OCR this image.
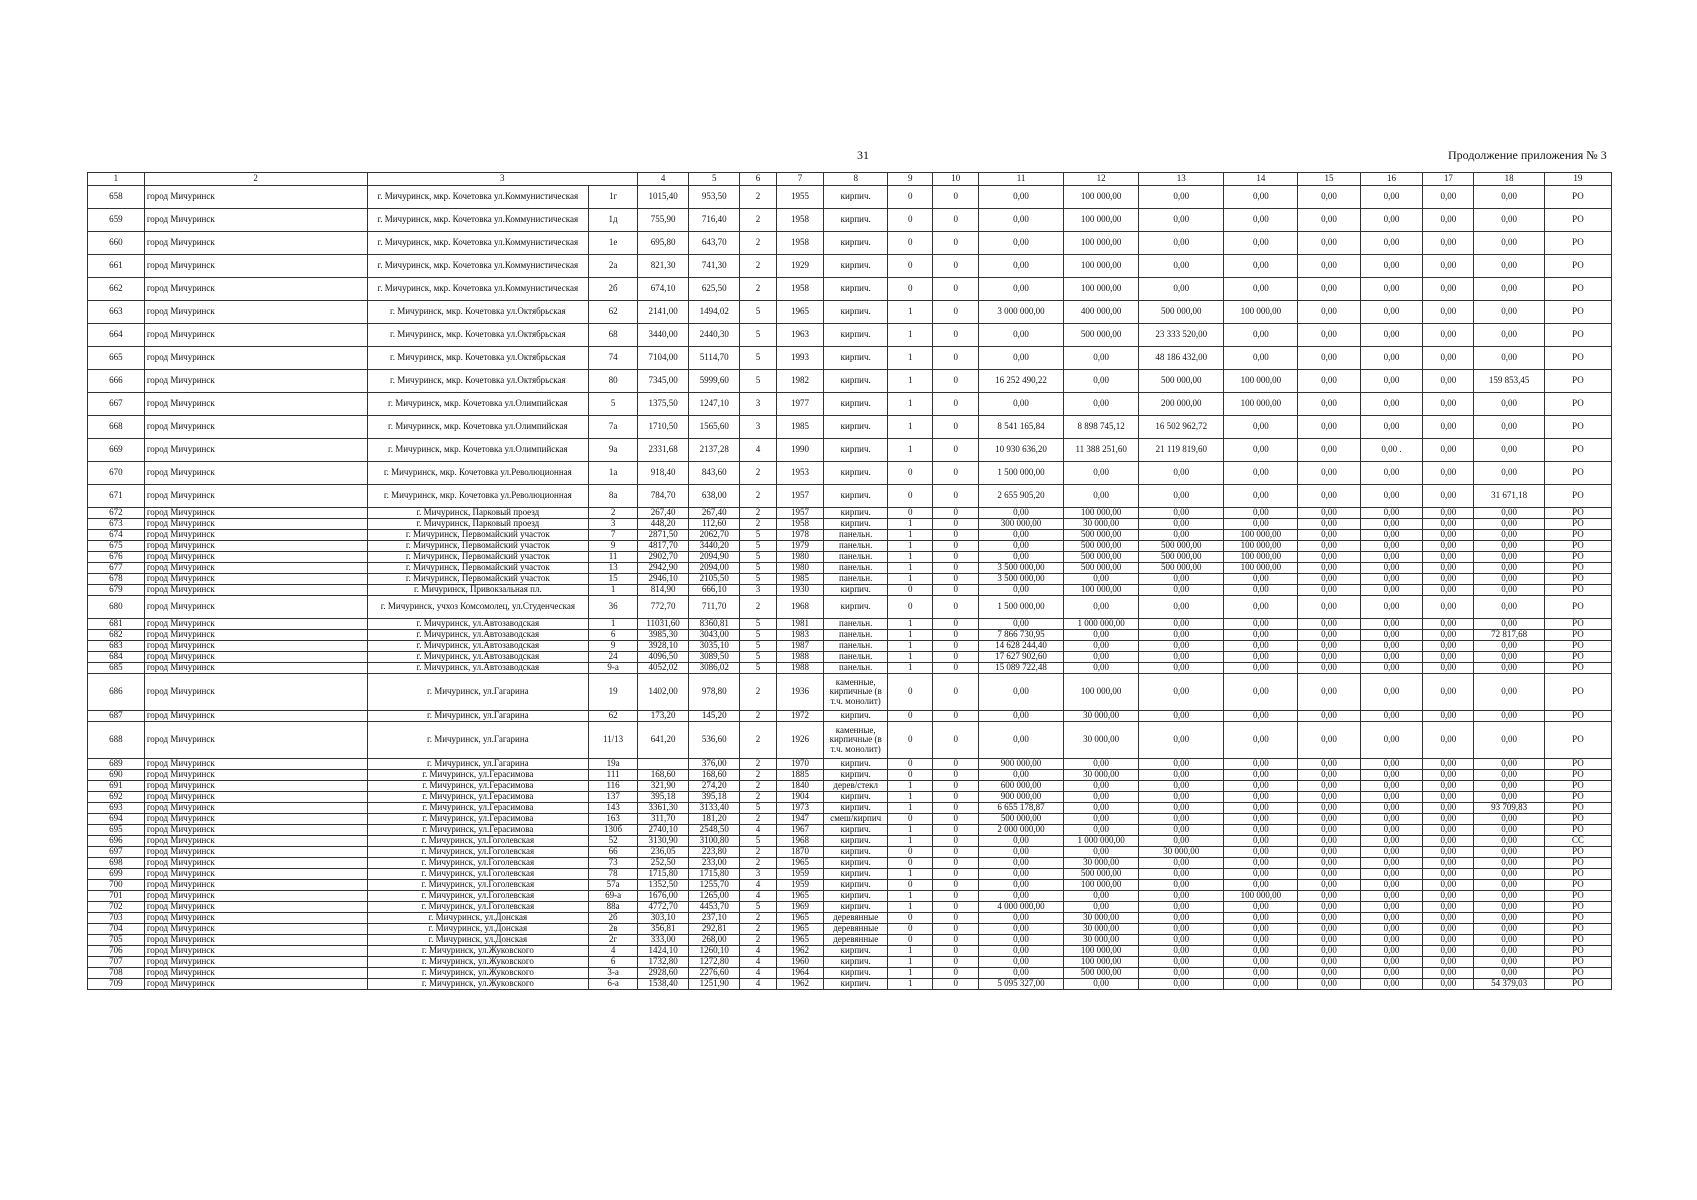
31	Продолжение приложения № 3
1	2	3		4	5	6	7	8	9	10	11	12	13	14	15	16	17	18	19
658	город Мичуринск	г. Мичуринск, мкр. Кочетовка ул.Коммунистическая	1г	1015,40	953,50	2	1955	кирпич.	0	0	0,00	100 000,00	0,00	0,00	0,00	0,00	0,00	0,00	РО
659	город Мичуринск	г. Мичуринск, мкр. Кочетовка ул.Коммунистическая	1д	755,90	716,40	2	1958	кирпич.	0	0	0,00	100 000,00	0,00	0,00	0,00	0,00	0,00	0,00	РО
660	город Мичуринск	г. Мичуринск, мкр. Кочетовка ул.Коммунистическая	1е	695,80	643,70	2	1958	кирпич.	0	0	0,00	100 000,00	0,00	0,00	0,00	0,00	0,00	0,00	РО
661	город Мичуринск	г. Мичуринск, мкр. Кочетовка ул.Коммунистическая	2а	821,30	741,30	2	1929	кирпич.	0	0	0,00	100 000,00	0,00	0,00	0,00	0,00	0,00	0,00	РО
662	город Мичуринск	г. Мичуринск, мкр. Кочетовка ул.Коммунистическая	2б	674,10	625,50	2	1958	кирпич.	0	0	0,00	100 000,00	0,00	0,00	0,00	0,00	0,00	0,00	РО
663	город Мичуринск	г. Мичуринск, мкр. Кочетовка ул.Октябрьская	62	2141,00	1494,02	5	1965	кирпич.	1	0	3 000 000,00	400 000,00	500 000,00	100 000,00	0,00	0,00	0,00	0,00	РО
664	город Мичуринск	г. Мичуринск, мкр. Кочетовка ул.Октябрьская	68	3440,00	2440,30	5	1963	кирпич.	1	0	0,00	500 000,00	23 333 520,00	0,00	0,00	0,00	0,00	0,00	РО
665	город Мичуринск	г. Мичуринск, мкр. Кочетовка ул.Октябрьская	74	7104,00	5114,70	5	1993	кирпич.	1	0	0,00	0,00	48 186 432,00	0,00	0,00	0,00	0,00	0,00	РО
666	город Мичуринск	г. Мичуринск, мкр. Кочетовка ул.Октябрьская	80	7345,00	5999,60	5	1982	кирпич.	1	0	16 252 490,22	0,00	500 000,00	100 000,00	0,00	0,00	0,00	159 853,45	РО
667	город Мичуринск	г. Мичуринск, мкр. Кочетовка ул.Олимпийская	5	1375,50	1247,10	3	1977	кирпич.	1	0	0,00	0,00	200 000,00	100 000,00	0,00	0,00	0,00	0,00	РО
668	город Мичуринск	г. Мичуринск, мкр. Кочетовка ул.Олимпийская	7а	1710,50	1565,60	3	1985	кирпич.	1	0	8 541 165,84	8 898 745,12	16 502 962,72	0,00	0,00	0,00	0,00	0,00	РО
669	город Мичуринск	г. Мичуринск, мкр. Кочетовка ул.Олимпийская	9а	2331,68	2137,28	4	1990	кирпич.	1	0	10 930 636,20	11 388 251,60	21 119 819,60	0,00	0,00	0,00 .	0,00	0,00	РО
670	город Мичуринск	г. Мичуринск, мкр. Кочетовка ул.Революционная	1а	918,40	843,60	2	1953	кирпич.	0	0	1 500 000,00	0,00	0,00	0,00	0,00	0,00	0,00	0,00	РО
671	город Мичуринск	г. Мичуринск, мкр. Кочетовка ул.Революционная	8а	784,70	638,00	2	1957	кирпич.	0	0	2 655 905,20	0,00	0,00	0,00	0,00	0,00	0,00	31 671,18	РО
672	город Мичуринск	г. Мичуринск, Парковый проезд	2	267,40	267,40	2	1957	кирпич.	0	0	0,00	100 000,00	0,00	0,00	0,00	0,00	0,00	0,00	РО
673	город Мичуринск	г. Мичуринск, Парковый проезд	3	448,20	112,60	2	1958	кирпич.	1	0	300 000,00	30 000,00	0,00	0,00	0,00	0,00	0,00	0,00	РО
674	город Мичуринск	г. Мичуринск, Первомайский участок	7	2871,50	2062,70	5	1978	панельн.	1	0	0,00	500 000,00	0,00	100 000,00	0,00	0,00	0,00	0,00	РО
675	город Мичуринск	г. Мичуринск, Первомайский участок	9	4817,70	3440,20	5	1979	панельн.	1	0	0,00	500 000,00	500 000,00	100 000,00	0,00	0,00	0,00	0,00	РО
676	город Мичуринск	г. Мичуринск, Первомайский участок	11	2902,70	2094,90	5	1980	панельн.	1	0	0,00	500 000,00	500 000,00	100 000,00	0,00	0,00	0,00	0,00	РО
677	город Мичуринск	г. Мичуринск, Первомайский участок	13	2942,90	2094,00	5	1980	панельн.	1	0	3 500 000,00	500 000,00	500 000,00	100 000,00	0,00	0,00	0,00	0,00	РО
678	город Мичуринск	г. Мичуринск, Первомайский участок	15	2946,10	2105,50	5	1985	панельн.	1	0	3 500 000,00	0,00	0,00	0,00	0,00	0,00	0,00	0,00	РО
679	город Мичуринск	г. Мичуринск, Привокзальная пл.	1	814,90	666,10	3	1930	кирпич.	0	0	0,00	100 000,00	0,00	0,00	0,00	0,00	0,00	0,00	РО
680	город Мичуринск	г. Мичуринск, учхоз Комсомолец, ул.Студенческая	36	772,70	711,70	2	1968	кирпич.	0	0	1 500 000,00	0,00	0,00	0,00	0,00	0,00	0,00	0,00	РО
681	город Мичуринск	г. Мичуринск, ул.Автозаводская	1	11031,60	8360,81	5	1981	панельн.	1	0	0,00	1 000 000,00	0,00	0,00	0,00	0,00	0,00	0,00	РО
682	город Мичуринск	г. Мичуринск, ул.Автозаводская	6	3985,30	3043,00	5	1983	панельн.	1	0	7 866 730,95	0,00	0,00	0,00	0,00	0,00	0,00	72 817,68	РО
683	город Мичуринск	г. Мичуринск, ул.Автозаводская	9	3928,10	3035,10	5	1987	панельн.	1	0	14 628 244,40	0,00	0,00	0,00	0,00	0,00	0,00	0,00	РО
684	город Мичуринск	г. Мичуринск, ул.Автозаводская	24	4096,50	3089,50	5	1988	панельн.	1	0	17 627 902,60	0,00	0,00	0,00	0,00	0,00	0,00	0,00	РО
685	город Мичуринск	г. Мичуринск, ул.Автозаводская	9-а	4052,02	3086,02	5	1988	панельн.	1	0	15 089 722,48	0,00	0,00	0,00	0,00	0,00	0,00	0,00	РО
686	город Мичуринск	г. Мичуринск, ул.Гагарина	19	1402,00	978,80	2	1936	каменные, кирпичные (в т.ч. монолит)	0	0	0,00	100 000,00	0,00	0,00	0,00	0,00	0,00	0,00	РО
687	город Мичуринск	г. Мичуринск, ул.Гагарина	62	173,20	145,20	2	1972	кирпич.	0	0	0,00	30 000,00	0,00	0,00	0,00	0,00	0,00	0,00	РО
688	город Мичуринск	г. Мичуринск, ул.Гагарина	11/13	641,20	536,60	2	1926	каменные, кирпичные (в т.ч. монолит)	0	0	0,00	30 000,00	0,00	0,00	0,00	0,00	0,00	0,00	РО
689	город Мичуринск	г. Мичуринск, ул.Гагарина	19а		376,00	2	1970	кирпич.	0	0	900 000,00	0,00	0,00	0,00	0,00	0,00	0,00	0,00	РО
690	город Мичуринск	г. Мичуринск, ул.Герасимова	111	168,60	168,60	2	1885	кирпич.	0	0	0,00	30 000,00	0,00	0,00	0,00	0,00	0,00	0,00	РО
691	город Мичуринск	г. Мичуринск, ул.Герасимова	116	321,90	274,20	2	1840	дерев/стекл	1	0	600 000,00	0,00	0,00	0,00	0,00	0,00	0,00	0,00	РО
692	город Мичуринск	г. Мичуринск, ул.Герасимова	137	395,18	395,18	2	1904	кирпич.	1	0	900 000,00	0,00	0,00	0,00	0,00	0,00	0,00	0,00	РО
693	город Мичуринск	г. Мичуринск, ул.Герасимова	143	3361,30	3133,40	5	1973	кирпич.	1	0	6 655 178,87	0,00	0,00	0,00	0,00	0,00	0,00	93 709,83	РО
694	город Мичуринск	г. Мичуринск, ул.Герасимова	163	311,70	181,20	2	1947	смеш/кирпич	0	0	500 000,00	0,00	0,00	0,00	0,00	0,00	0,00	0,00	РО
695	город Мичуринск	г. Мичуринск, ул.Герасимова	130б	2740,10	2548,50	4	1967	кирпич.	1	0	2 000 000,00	0,00	0,00	0,00	0,00	0,00	0,00	0,00	РО
696	город Мичуринск	г. Мичуринск, ул.Гоголевская	52	3130,90	3100,80	5	1968	кирпич.	1	0	0,00	1 000 000,00	0,00	0,00	0,00	0,00	0,00	0,00	СС
697	город Мичуринск	г. Мичуринск, ул.Гоголевская	66	236,05	223,80	2	1870	кирпич.	0	0	0,00	0,00	30 000,00	0,00	0,00	0,00	0,00	0,00	РО
698	город Мичуринск	г. Мичуринск, ул.Гоголевская	73	252,50	233,00	2	1965	кирпич.	0	0	0,00	30 000,00	0,00	0,00	0,00	0,00	0,00	0,00	РО
699	город Мичуринск	г. Мичуринск, ул.Гоголевская	78	1715,80	1715,80	3	1959	кирпич.	1	0	0,00	500 000,00	0,00	0,00	0,00	0,00	0,00	0,00	РО
700	город Мичуринск	г. Мичуринск, ул.Гоголевская	57а	1352,50	1255,70	4	1959	кирпич.	0	0	0,00	100 000,00	0,00	0,00	0,00	0,00	0,00	0,00	РО
701	город Мичуринск	г. Мичуринск, ул.Гоголевская	69-а	1676,00	1265,00	4	1965	кирпич.	1	0	0,00	0,00	0,00	100 000,00	0,00	0,00	0,00	0,00	РО
702	город Мичуринск	г. Мичуринск, ул.Гоголевская	88а	4772,70	4453,70	5	1969	кирпич.	1	0	4 000 000,00	0,00	0,00	0,00	0,00	0,00	0,00	0,00	РО
703	город Мичуринск	г. Мичуринск, ул.Донская	2б	303,10	237,10	2	1965	деревянные	0	0	0,00	30 000,00	0,00	0,00	0,00	0,00	0,00	0,00	РО
704	город Мичуринск	г. Мичуринск, ул.Донская	2в	356,81	292,81	2	1965	деревянные	0	0	0,00	30 000,00	0,00	0,00	0,00	0,00	0,00	0,00	РО
705	город Мичуринск	г. Мичуринск, ул.Донская	2г	333,00	268,00	2	1965	деревянные	0	0	0,00	30 000,00	0,00	0,00	0,00	0,00	0,00	0,00	РО
706	город Мичуринск	г. Мичуринск, ул.Жуковского	4	1424,10	1260,10	4	1962	кирпич.	1	0	0,00	100 000,00	0,00	0,00	0,00	0,00	0,00	0,00	РО
707	город Мичуринск	г. Мичуринск, ул.Жуковского	6	1732,80	1272,80	4	1960	кирпич.	1	0	0,00	100 000,00	0,00	0,00	0,00	0,00	0,00	0,00	РО
708	город Мичуринск	г. Мичуринск, ул.Жуковского	3-а	2928,60	2276,60	4	1964	кирпич.	1	0	0,00	500 000,00	0,00	0,00	0,00	0,00	0,00	0,00	РО
709	город Мичуринск	г. Мичуринск, ул.Жуковского	6-а	1538,40	1251,90	4	1962	кирпич.	1	0	5 095 327,00	0,00	0,00	0,00	0,00	0,00	0,00	54 379,03	РО
